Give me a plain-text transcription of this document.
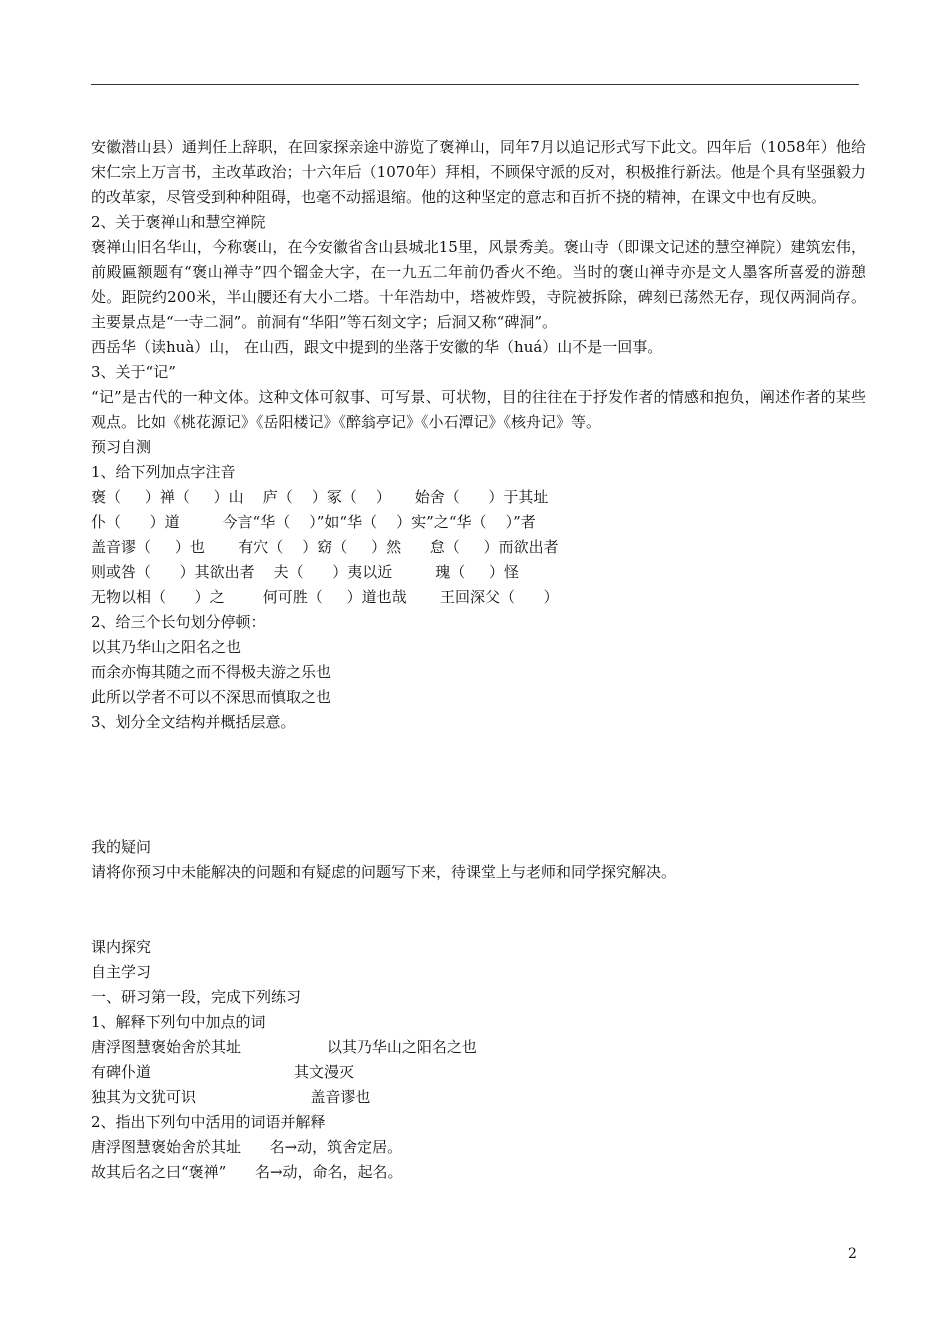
安徽潜山县）通判任上辞职，在回家探亲途中游览了褒禅山，同年7月以追记形式写下此文。四年后（1058年）他给宋仁宗上万言书，主改革政治；十六年后（1070年）拜相，不顾保守派的反对，积极推行新法。他是个具有坚强毅力的改革家，尽管受到种种阻碍，也毫不动摇退缩。他的这种坚定的意志和百折不挠的精神，在课文中也有反映。

2、关于褒禅山和慧空禅院

褒禅山旧名华山，今称褒山，在今安徽省含山县城北15里，风景秀美。褒山寺（即课文记述的慧空禅院）建筑宏伟，前殿匾额题有“褒山禅寺”四个镏金大字，在一九五二年前仍香火不绝。当时的褒山禅寺亦是文人墨客所喜爱的游憩处。距院约200米，半山腰还有大小二塔。十年浩劫中，塔被炸毁，寺院被拆除，碑刻已荡然无存，现仅两洞尚存。主要景点是“一寺二洞”。前洞有“华阳”等石刻文字；后洞又称“碑洞”。

西岳华（读huà）山， 在山西，跟文中提到的坐落于安徽的华（huá）山不是一回事。

3、关于“记”

“记”是古代的一种文体。这种文体可叙事、可写景、可状物，目的往往在于抒发作者的情感和抱负，阐述作者的某些观点。比如《桃花源记》《岳阳楼记》《醉翁亭记》《小石潭记》《核舟记》等。

预习自测

1、给下列加点字注音

褒（     ）禅（     ）山    庐（    ）冢（    ）     始舍（      ）于其址

仆（      ）道         今言“华（    ）”如“华（    ）实”之“华（    ）”者

盖音谬（     ）也       有穴（    ）窈（     ）然      怠（     ）而欲出者

则或咎（      ）其欲出者    夫（      ）夷以近         瑰（     ）怪

无物以相（      ）之        何可胜（     ）道也哉       王回深父（      ）

2、给三个长句划分停顿：

以其乃华山之阳名之也

而余亦悔其随之而不得极夫游之乐也

此所以学者不可以不深思而慎取之也

3、划分全文结构并概括层意。

我的疑问

请将你预习中未能解决的问题和有疑虑的问题写下来，待课堂上与老师和同学探究解决。

课内探究

自主学习

一、研习第一段，完成下列练习

1、解释下列句中加点的词

唐浮图慧褒始舍於其址                  以其乃华山之阳名之也

有碑仆道                              其文漫灭

独其为文犹可识                        盖音谬也

2、指出下列句中活用的词语并解释

唐浮图慧褒始舍於其址      名→动，筑舍定居。

故其后名之曰“褒禅”      名→动，命名，起名。

2
